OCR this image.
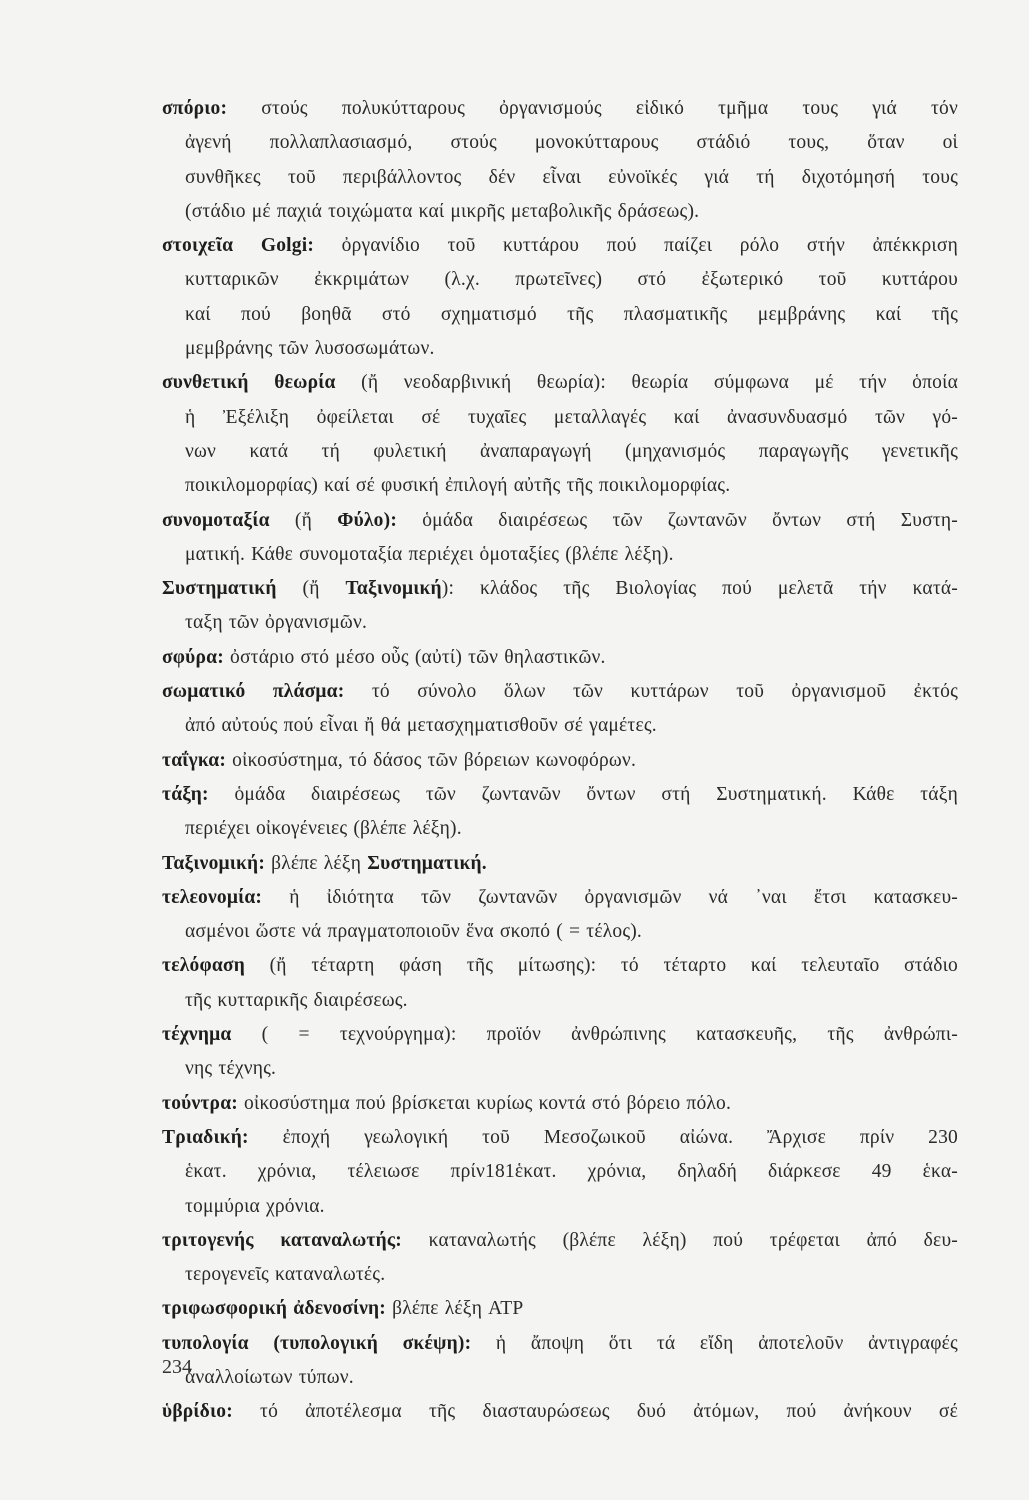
σπόριο: στούς πολυκύτταρους ὀργανισμούς εἰδικό τμῆμα τους γιά τόν
ἀγενή πολλαπλασιασμό, στούς μονοκύτταρους στάδιό τους, ὅταν οἱ
συνθῆκες τοῦ περιβάλλοντος δέν εἶναι εὐνοϊκές γιά τή διχοτόμησή τους
(στάδιο μέ παχιά τοιχώματα καί μικρῆς μεταβολικῆς δράσεως).
στοιχεῖα Golgi: ὀργανίδιο τοῦ κυττάρου πού παίζει ρόλο στήν ἀπέκκριση
κυτταρικῶν ἐκκριμάτων (λ.χ. πρωτεῖνες) στό ἐξωτερικό τοῦ κυττάρου
καί πού βοηθᾶ στό σχηματισμό τῆς πλασματικῆς μεμβράνης καί τῆς
μεμβράνης τῶν λυσοσωμάτων.
συνθετική θεωρία (ἤ νεοδαρβινική θεωρία): θεωρία σύμφωνα μέ τήν ὁποία
ἡ Ἐξέλιξη ὀφείλεται σέ τυχαῖες μεταλλαγές καί ἀνασυνδυασμό τῶν γό-
νων κατά τή φυλετική ἀναπαραγωγή (μηχανισμός παραγωγῆς γενετικῆς
ποικιλομορφίας) καί σέ φυσική ἐπιλογή αὐτῆς τῆς ποικιλομορφίας.
συνομοταξία (ἤ Φύλο): ὁμάδα διαιρέσεως τῶν ζωντανῶν ὄντων στή Συστη-
ματική. Κάθε συνομοταξία περιέχει ὁμοταξίες (βλέπε λέξη).
Συστηματική (ἤ Ταξινομική): κλάδος τῆς Βιολογίας πού μελετᾶ τήν κατά-
ταξη τῶν ὀργανισμῶν.
σφύρα: ὀστάριο στό μέσο οὖς (αὐτί) τῶν θηλαστικῶν.
σωματικό πλάσμα: τό σύνολο ὅλων τῶν κυττάρων τοῦ ὀργανισμοῦ ἐκτός
ἀπό αὐτούς πού εἶναι ἤ θά μετασχηματισθοῦν σέ γαμέτες.
ταΐγκα: οἰκοσύστημα, τό δάσος τῶν βόρειων κωνοφόρων.
τάξη: ὁμάδα διαιρέσεως τῶν ζωντανῶν ὄντων στή Συστηματική. Κάθε τάξη
περιέχει οἰκογένειες (βλέπε λέξη).
Ταξινομική: βλέπε λέξη Συστηματική.
τελεονομία: ἡ ἰδιότητα τῶν ζωντανῶν ὀργανισμῶν νά ᾽ναι ἔτσι κατασκευ-
ασμένοι ὥστε νά πραγματοποιοῦν ἕνα σκοπό ( = τέλος).
τελόφαση (ἤ τέταρτη φάση τῆς μίτωσης): τό τέταρτο καί τελευταῖο στάδιο
τῆς κυτταρικῆς διαιρέσεως.
τέχνημα ( = τεχνούργημα): προϊόν ἀνθρώπινης κατασκευῆς, τῆς ἀνθρώπι-
νης τέχνης.
τούντρα: οἰκοσύστημα πού βρίσκεται κυρίως κοντά στό βόρειο πόλο.
Τριαδική: ἐποχή γεωλογική τοῦ Μεσοζωικοῦ αἰώνα. Ἄρχισε πρίν 230
ἑκατ. χρόνια, τέλειωσε πρίν181ἑκατ. χρόνια, δηλαδή διάρκεσε 49 ἑκα-
τομμύρια χρόνια.
τριτογενής καταναλωτής: καταναλωτής (βλέπε λέξη) πού τρέφεται ἀπό δευ-
τερογενεῖς καταναλωτές.
τριφωσφορική ἀδενοσίνη: βλέπε λέξη ATP
τυπολογία (τυπολογική σκέψη): ἡ ἄποψη ὅτι τά εἴδη ἀποτελοῦν ἀντιγραφές
ἀναλλοίωτων τύπων.
ὑβρίδιο: τό ἀποτέλεσμα τῆς διασταυρώσεως δυό ἀτόμων, πού ἀνήκουν σέ
234
